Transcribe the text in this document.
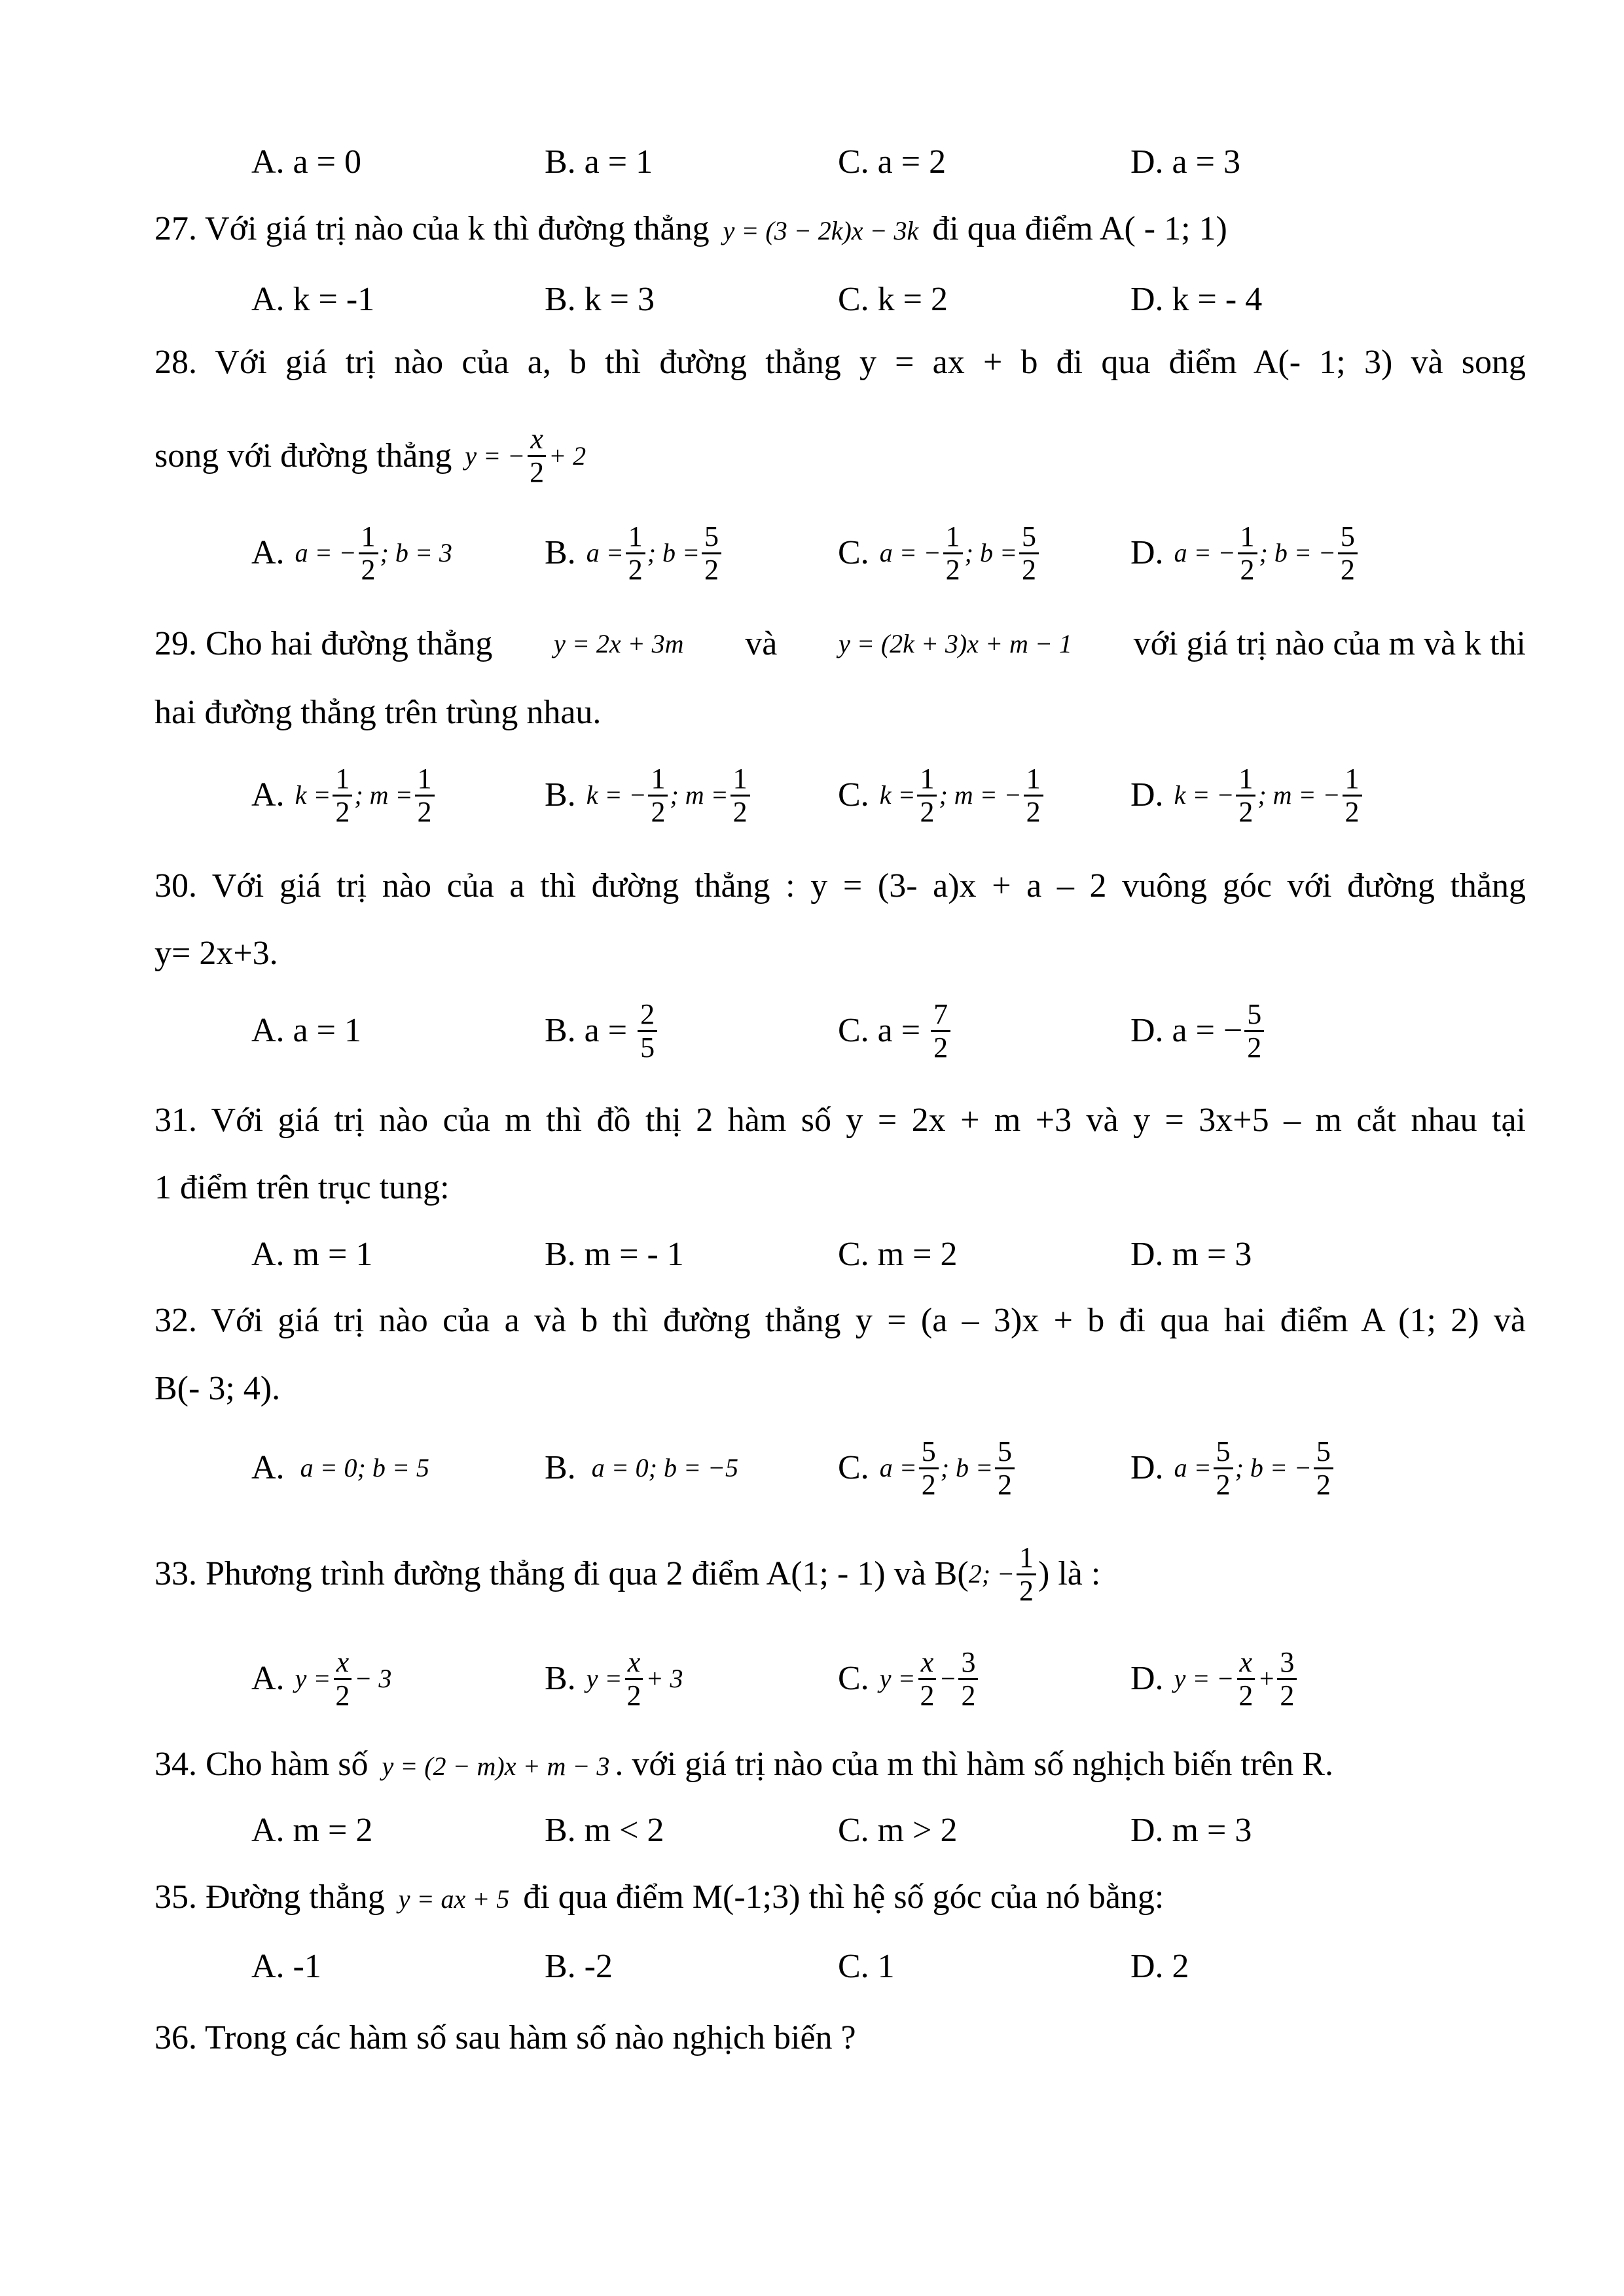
A. a = 0	B. a = 1	C. a = 2	D. a = 3
27. Với giá trị nào của k thì đường thẳng y = (3 − 2k)x − 3k đi qua điểm A( - 1; 1)
A. k = -1	B. k = 3	C. k = 2	D. k = - 4
28. Với giá trị nào của a, b thì đường thẳng y = ax + b đi qua điểm A(- 1; 3) và song
song với đường thẳng y = − $\frac{x}{2} + 2$
A. a = − $\frac{1}{2}$ ; b = 3	B. $a = \frac{1}{2}$ ; $b = \frac{5}{2}$	C. a = − $\frac{1}{2}$ ; $b = \frac{5}{2}$	D. a = − $\frac{1}{2}$ ; b = − $\frac{5}{2}$
29. Cho hai đường thẳng y = 2x + 3m và y = (2k + 3)x + m − 1 với giá trị nào của m và k thi
hai đường thẳng trên trùng nhau.
A. $k = \frac{1}{2}$ ; $m = \frac{1}{2}$	B. k = − $\frac{1}{2}$ ; $m = \frac{1}{2}$	C. $k = \frac{1}{2}$ ; m = − $\frac{1}{2}$	D. k = − $\frac{1}{2}$ ; m = − $\frac{1}{2}$
30. Với giá trị nào của a thì đường thẳng : y = (3- a)x + a – 2 vuông góc với đường thẳng
y= 2x+3.
A. a = 1	B. a =
$\frac{2}{5}$	C. a =
$\frac{7}{2}$	D. a = − $\frac{5}{2}$
31. Với giá trị nào của m thì đồ thị 2 hàm số y = 2x + m +3 và y = 3x+5 – m cắt nhau tại
1 điểm trên trục tung:
A. m = 1	B. m = - 1	C. m = 2	D. m = 3
32. Với giá trị nào của a và b thì đường thẳng y = (a – 3)x + b đi qua hai điểm A (1; 2) và
B(- 3; 4).
A. a = 0; b = 5	B. a = 0; b = −5	C. $a = \frac{5}{2}$ ; $b = \frac{5}{2}$	D. $a = \frac{5}{2}$ ; b = − $\frac{5}{2}$
33. Phương trình đường thẳng đi qua 2 điểm A(1; - 1) và B( 2; − $\frac{1}{2}$ ) là :
A. $y = \frac{x}{2} - 3$	B. $y = \frac{x}{2} + 3$	C. $y = \frac{x}{2} - \frac{3}{2}$	D. y = − $\frac{x}{2} + \frac{3}{2}$
34. Cho hàm số y = (2 − m)x + m − 3 . với giá trị nào của m thì hàm số nghịch biến trên R.
A. m = 2	B. m < 2	C. m > 2	D. m = 3
35. Đường thẳng y = ax + 5 đi qua điểm M(-1;3) thì hệ số góc của nó bằng:
A. -1	B. -2	C. 1	D. 2
36. Trong các hàm số sau hàm số nào nghịch biến ?
